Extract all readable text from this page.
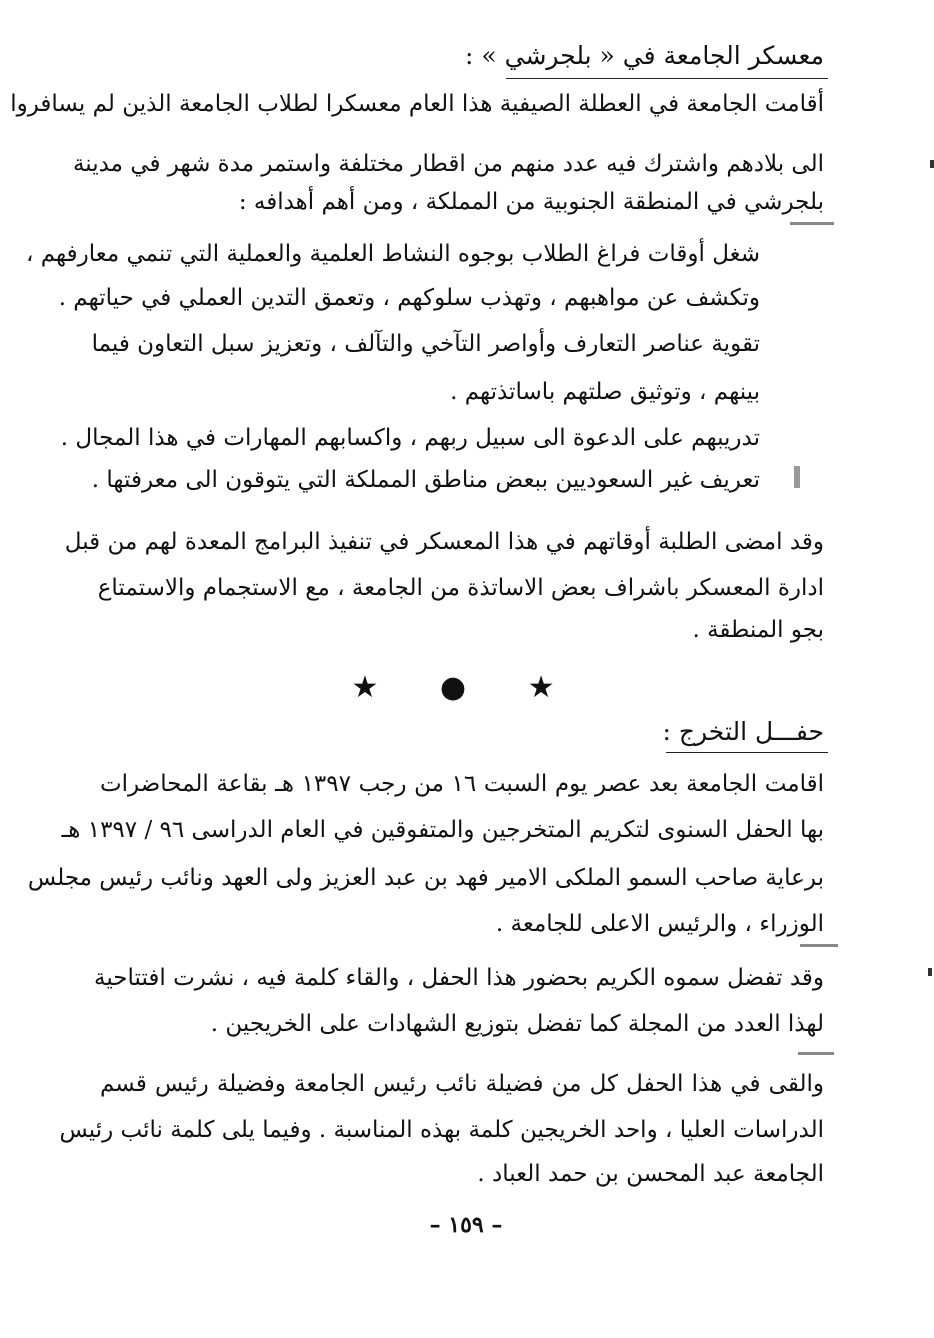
معسكر الجامعة في « بلجرشي » :
أقامت الجامعة في العطلة الصيفية هذا العام معسكرا لطلاب الجامعة الذين لم يسافروا
الى بلادهم واشترك فيه عدد منهم من اقطار مختلفة واستمر مدة شهر في مدينة
بلجرشي في المنطقة الجنوبية من المملكة ، ومن أهم أهدافه :
شغل أوقات فراغ الطلاب بوجوه النشاط العلمية والعملية التي تنمي معارفهم ،
وتكشف عن مواهبهم ، وتهذب سلوكهم ، وتعمق التدين العملي في حياتهم .
تقوية عناصر التعارف وأواصر التآخي والتآلف ، وتعزيز سبل التعاون فيما
بينهم ، وتوثيق صلتهم باساتذتهم .
تدريبهم على الدعوة الى سبيل ربهم ، واكسابهم المهارات في هذا المجال .
تعريف غير السعوديين ببعض مناطق المملكة التي يتوقون الى معرفتها .
وقد امضى الطلبة أوقاتهم في هذا المعسكر في تنفيذ البرامج المعدة لهم من قبل
ادارة المعسكر باشراف بعض الاساتذة من الجامعة ، مع الاستجمام والاستمتاع
بجو المنطقة .
★ ● ★
حفـــل التخرج :
اقامت الجامعة بعد عصر يوم السبت ١٦ من رجب ١٣٩٧ هـ بقاعة المحاضرات
بها الحفل السنوى لتكريم المتخرجين والمتفوقين في العام الدراسى ٩٦ / ١٣٩٧ هـ
برعاية صاحب السمو الملكى الامير فهد بن عبد العزيز ولى العهد ونائب رئيس مجلس
الوزراء ، والرئيس الاعلى للجامعة .
وقد تفضل سموه الكريم بحضور هذا الحفل ، والقاء كلمة فيه ، نشرت افتتاحية
لهذا العدد من المجلة كما تفضل بتوزيع الشهادات على الخريجين .
والقى في هذا الحفل كل من فضيلة نائب رئيس الجامعة وفضيلة رئيس قسم
الدراسات العليا ، واحد الخريجين كلمة بهذه المناسبة . وفيما يلى كلمة نائب رئيس
الجامعة عبد المحسن بن حمد العباد .
– ١٥٩ –
